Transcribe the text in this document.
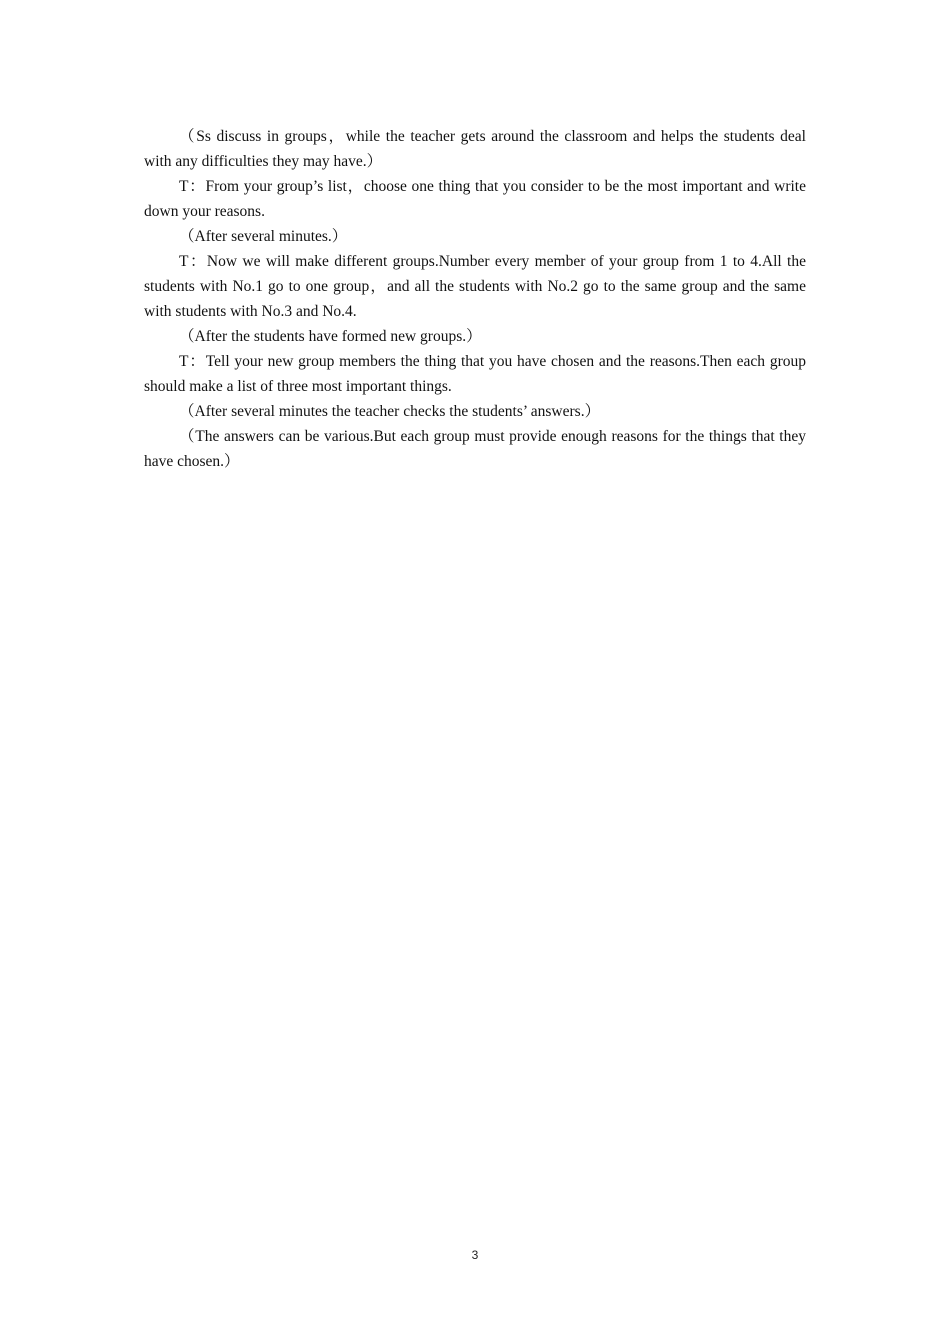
（Ss discuss in groups，while the teacher gets around the classroom and helps the students deal with any difficulties they may have.）

T：From your group’s list，choose one thing that you consider to be the most important and write down your reasons.

（After several minutes.）

T：Now we will make different groups.Number every member of your group from 1 to 4.All the students with No.1 go to one group，and all the students with No.2 go to the same group and the same with students with No.3 and No.4.

（After the students have formed new groups.）

T：Tell your new group members the thing that you have chosen and the reasons.Then each group should make a list of three most important things.

（After several minutes the teacher checks the students’ answers.）

（The answers can be various.But each group must provide enough reasons for the things that they have chosen.）

3
